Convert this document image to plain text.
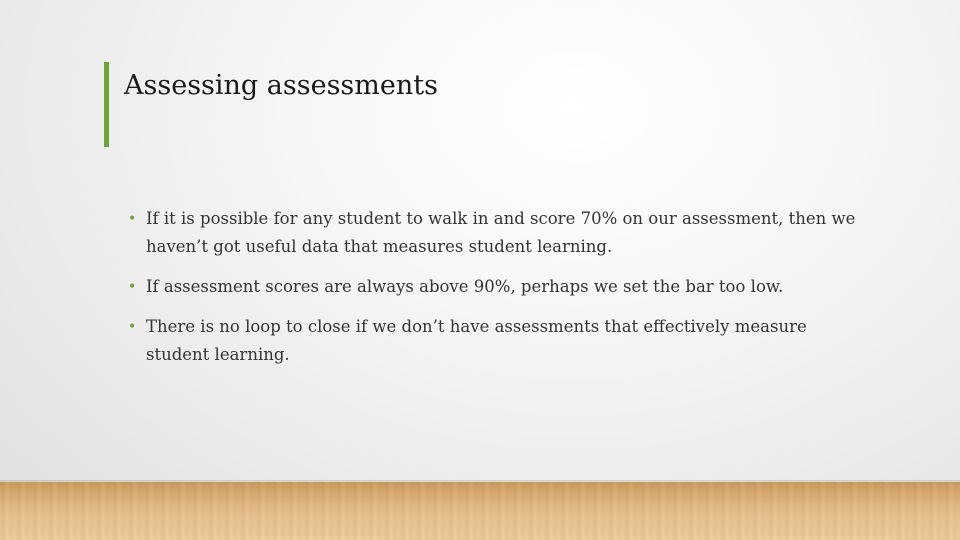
Assessing assessments
• If it is possible for any student to walk in and score 70% on our assessment, then we haven’t got useful data that measures student learning.
• If assessment scores are always above 90%, perhaps we set the bar too low.
• There is no loop to close if we don’t have assessments that effectively measure student learning.
